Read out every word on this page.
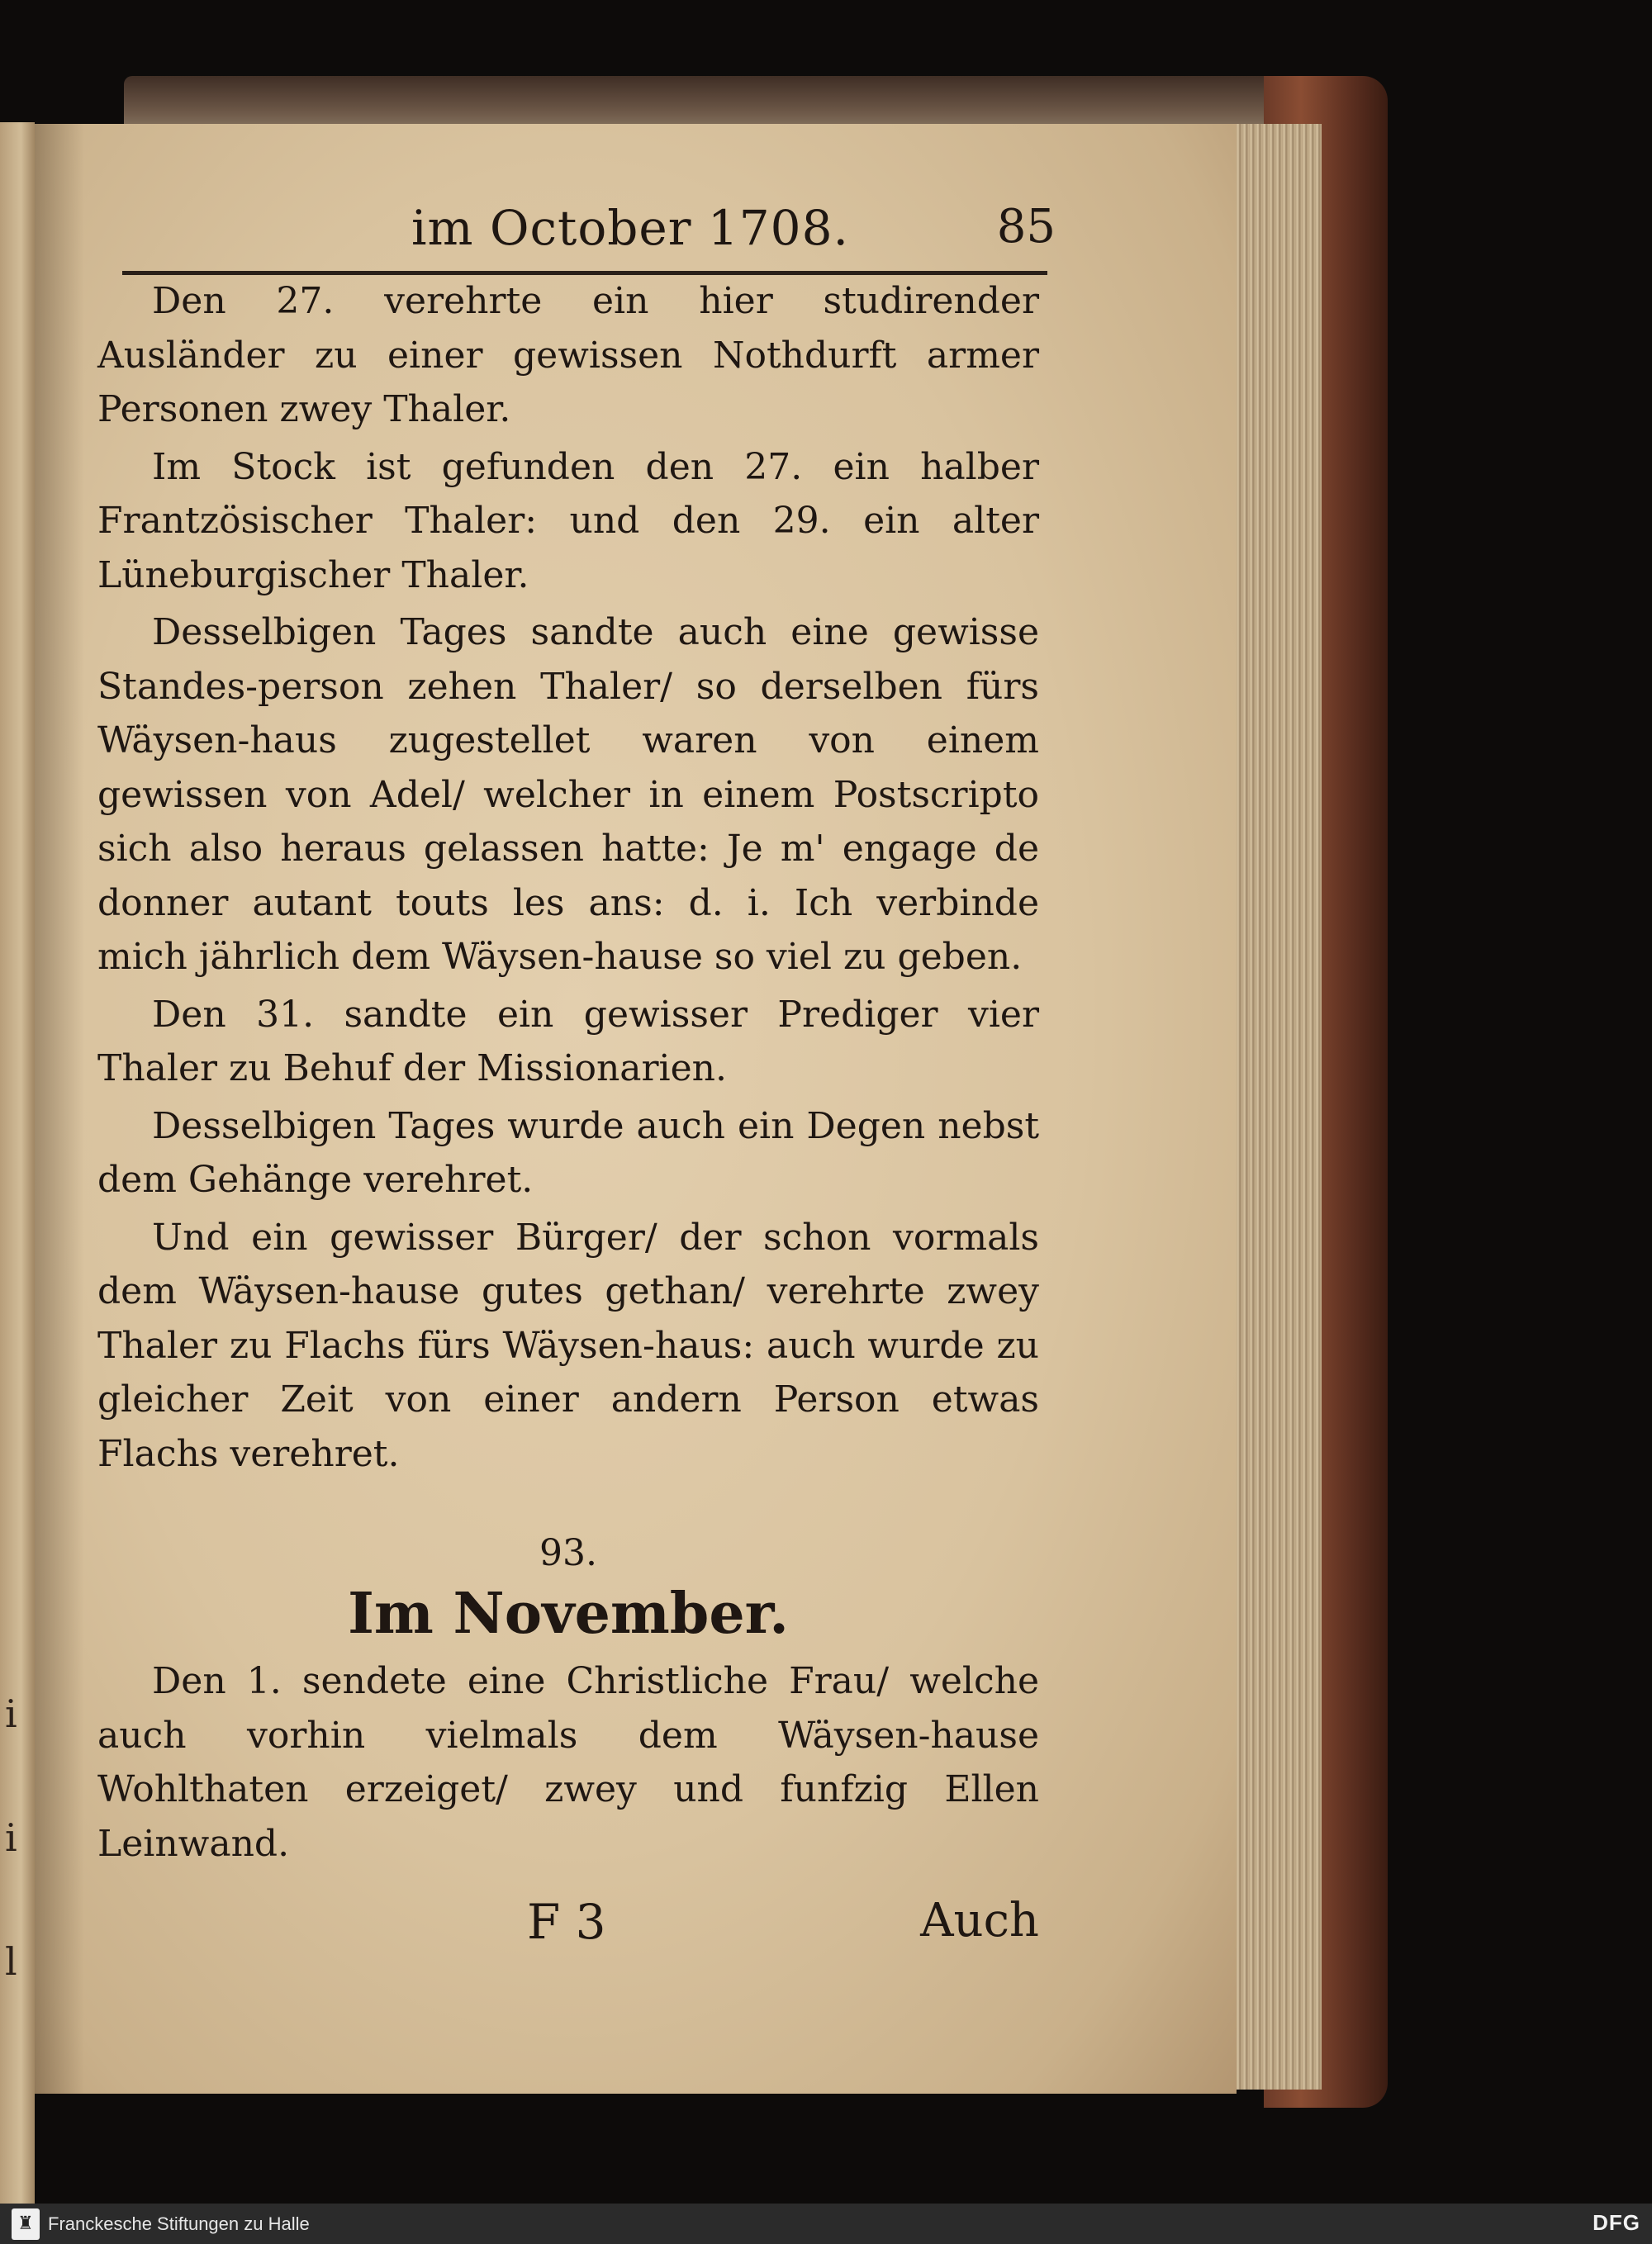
i
i
l
im October 1708.	85

Den 27. verehrte ein hier studirender Ausländer zu einer gewissen Nothdurft armer Personen zwey Thaler.

Im Stock ist gefunden den 27. ein halber Frantzösischer Thaler: und den 29. ein alter Lüneburgischer Thaler.

Desselbigen Tages sandte auch eine gewisse Standes-person zehen Thaler/ so derselben fürs Wäysen-haus zugestellet waren von einem gewissen von Adel/ welcher in einem Postscripto sich also heraus gelassen hatte: Je m' engage de donner autant touts les ans: d. i. Ich verbinde mich jährlich dem Wäysen-hause so viel zu geben.

Den 31. sandte ein gewisser Prediger vier Thaler zu Behuf der Missionarien.

Desselbigen Tages wurde auch ein Degen nebst dem Gehänge verehret.

Und ein gewisser Bürger/ der schon vormals dem Wäysen-hause gutes gethan/ verehrte zwey Thaler zu Flachs fürs Wäysen-haus: auch wurde zu gleicher Zeit von einer andern Person etwas Flachs verehret.

93.
Im November.

Den 1. sendete eine Christliche Frau/ welche auch vorhin vielmals dem Wäysen-hause Wohlthaten erzeiget/ zwey und funfzig Ellen Leinwand.

F 3	Auch
♜ Franckesche Stiftungen zu Halle	DFG
